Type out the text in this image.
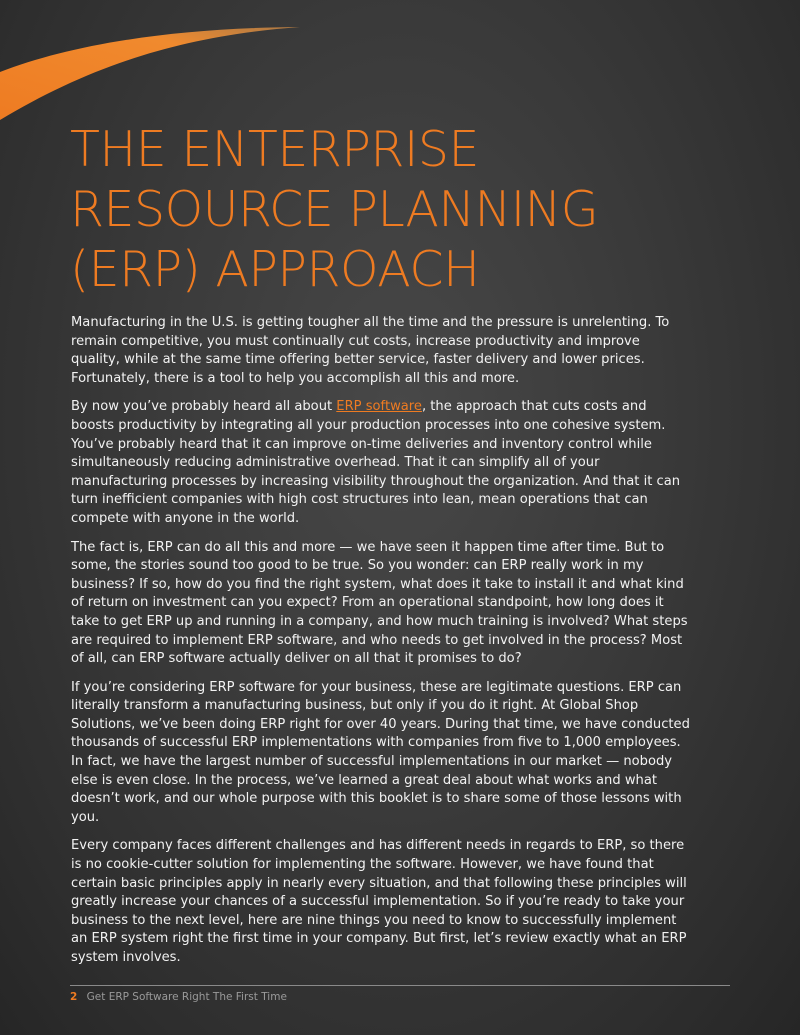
THE ENTERPRISE
RESOURCE PLANNING
(ERP) APPROACH

Manufacturing in the U.S. is getting tougher all the time and the pressure is unrelenting. To remain competitive, you must continually cut costs, increase productivity and improve quality, while at the same time offering better service, faster delivery and lower prices. Fortunately, there is a tool to help you accomplish all this and more.

By now you’ve probably heard all about ERP software, the approach that cuts costs and boosts productivity by integrating all your production processes into one cohesive system. You’ve probably heard that it can improve on-time deliveries and inventory control while simultaneously reducing administrative overhead. That it can simplify all of your manufacturing processes by increasing visibility throughout the organization. And that it can turn inefficient companies with high cost structures into lean, mean operations that can compete with anyone in the world.

The fact is, ERP can do all this and more — we have seen it happen time after time. But to some, the stories sound too good to be true. So you wonder: can ERP really work in my business? If so, how do you find the right system, what does it take to install it and what kind of return on investment can you expect? From an operational standpoint, how long does it take to get ERP up and running in a company, and how much training is involved? What steps are required to implement ERP software, and who needs to get involved in the process? Most of all, can ERP software actually deliver on all that it promises to do?

If you’re considering ERP software for your business, these are legitimate questions. ERP can literally transform a manufacturing business, but only if you do it right. At Global Shop Solutions, we’ve been doing ERP right for over 40 years. During that time, we have conducted thousands of successful ERP implementations with companies from five to 1,000 employees. In fact, we have the largest number of successful implementations in our market — nobody else is even close. In the process, we’ve learned a great deal about what works and what doesn’t work, and our whole purpose with this booklet is to share some of those lessons with you.

Every company faces different challenges and has different needs in regards to ERP, so there is no cookie-cutter solution for implementing the software. However, we have found that certain basic principles apply in nearly every situation, and that following these principles will greatly increase your chances of a successful implementation. So if you’re ready to take your business to the next level, here are nine things you need to know to successfully implement an ERP system right the first time in your company. But first, let’s review exactly what an ERP system involves.

2 Get ERP Software Right The First Time
